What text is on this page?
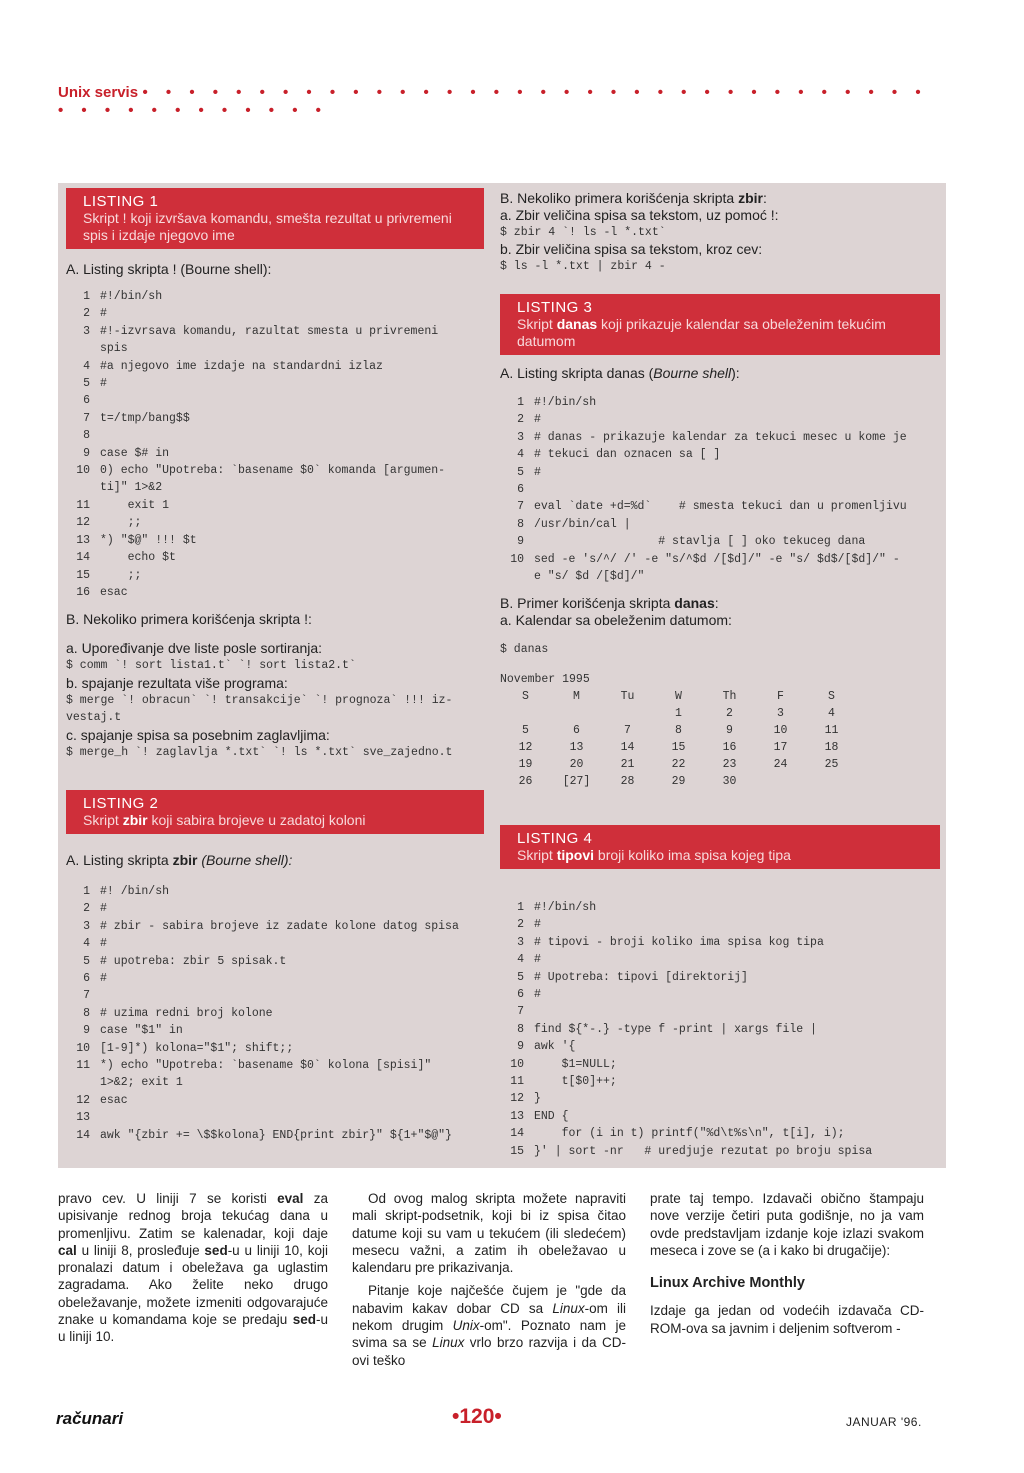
Unix servis • • • • • • • • • • • • • • • • • • • • • • • • • • • • • • • • • • • • • • • • • • • • • •
LISTING 1
Skript ! koji izvršava komandu, smešta rezultat u privremeni spis i izdaje njegovo ime
A. Listing skripta ! (Bourne shell):
1 #!/bin/sh
2 #
3 #!-izvrsava komandu, razultat smesta u privremeni
spis
4 #a njegovo ime izdaje na standardni izlaz
5 #
6
7 t=/tmp/bang$$
8
9 case $# in
10 0) echo "Upotreba: `basename $0` komanda [argumen-
ti]" 1>&2
11    exit 1
12    ;;
13 *) "$@" !!! $t
14    echo $t
15    ;;
16 esac
B. Nekoliko primera korišćenja skripta !:
a. Upoređivanje dve liste posle sortiranja:
$ comm `! sort lista1.t` `! sort lista2.t`
b. spajanje rezultata više programa:
$ merge `! obracun` `! transakcije` `! prognoza` !!! iz-
vestaj.t
c. spajanje spisa sa posebnim zaglavljima:
$ merge_h `! zaglavlja *.txt` `! ls *.txt` sve_zajedno.t
LISTING 2
Skript zbir koji sabira brojeve u zadatoj koloni
A. Listing skripta zbir (Bourne shell):
1 #! /bin/sh
2 #
3 # zbir - sabira brojeve iz zadate kolone datog spisa
4 #
5 # upotreba: zbir 5 spisak.t
6 #
7
8 # uzima redni broj kolone
9 case "$1" in
10 [1-9]*) kolona="$1"; shift;;
11 *) echo "Upotreba: `basename $0` kolona [spisi]"
1>&2; exit 1
12 esac
13
14 awk "{zbir += \$$kolona} END{print zbir}" ${1+"$@"}
B. Nekoliko primera korišćenja skripta zbir:
a. Zbir veličina spisa sa tekstom, uz pomoć !:
$ zbir 4 `! ls -l *.txt`
b. Zbir veličina spisa sa tekstom, kroz cev:
$ ls -l *.txt | zbir 4 -
LISTING 3
Skript danas koji prikazuje kalendar sa obeleženim tekućim datumom
A. Listing skripta danas (Bourne shell):
1 #!/bin/sh
2 #
3 # danas - prikazuje kalendar za tekuci mesec u kome je
4 # tekuci dan oznacen sa [ ]
5 #
6
7 eval `date +d=%d`    # smesta tekuci dan u promenljivu
8 /usr/bin/cal |
9                  # stavlja [ ] oko tekuceg dana
10 sed -e 's/^/ /' -e "s/^$d /[$d]/" -e "s/ $d$/[$d]/" -
e "s/ $d /[$d]/"
B. Primer korišćenja skripta danas:
a. Kalendar sa obeleženim datumom:
$ danas
November 1995
S	M	Tu	W	Th	F	S
			1	2	3	4
5	6	7	8	9	10	11
12	13	14	15	16	17	18
19	20	21	22	23	24	25
26	[27]	28	29	30		
LISTING 4
Skript tipovi broji koliko ima spisa kojeg tipa
1 #!/bin/sh
2 #
3 # tipovi - broji koliko ima spisa kog tipa
4 #
5 # Upotreba: tipovi [direktorij]
6 #
7
8 find ${*-.} -type f -print | xargs file |
9 awk '{
10    $1=NULL;
11    t[$0]++;
12 }
13 END {
14    for (i in t) printf("%d\t%s\n", t[i], i);
15 }' | sort -nr   # uredjuje rezutat po broju spisa

pravo cev. U liniji 7 se koristi eval za upisivanje rednog broja tekućag dana u promenljivu. Zatim se kalenadar, koji daje cal u liniji 8, prosleđuje sed-u u liniji 10, koji pronalazi datum i obeležava ga uglastim zagradama. Ako želite neko drugo obeležavanje, možete izmeniti odgovarajuće znake u komandama koje se predaju sed-u u liniji 10.

Od ovog malog skripta možete napraviti mali skript-podsetnik, koji bi iz spisa čitao datume koji su vam u tekućem (ili sledećem) mesecu važni, a zatim ih obeležavao u kalendaru pre prikazivanja.

Pitanje koje najčešće čujem je "gde da nabavim kakav dobar CD sa Linux-om ili nekom drugim Unix-om". Poznato nam je svima sa se Linux vrlo brzo razvija i da CD-ovi teško

prate taj tempo. Izdavači obično štampaju nove verzije četiri puta godišnje, no ja vam ovde predstavljam izdanje koje izlazi svakom meseca i zove se (a i kako bi drugačije):

Linux Archive Monthly

Izdaje ga jedan od vodećih izdavača CD-ROM-ova sa javnim i deljenim softverom -

računari	•120•	JANUAR '96.
